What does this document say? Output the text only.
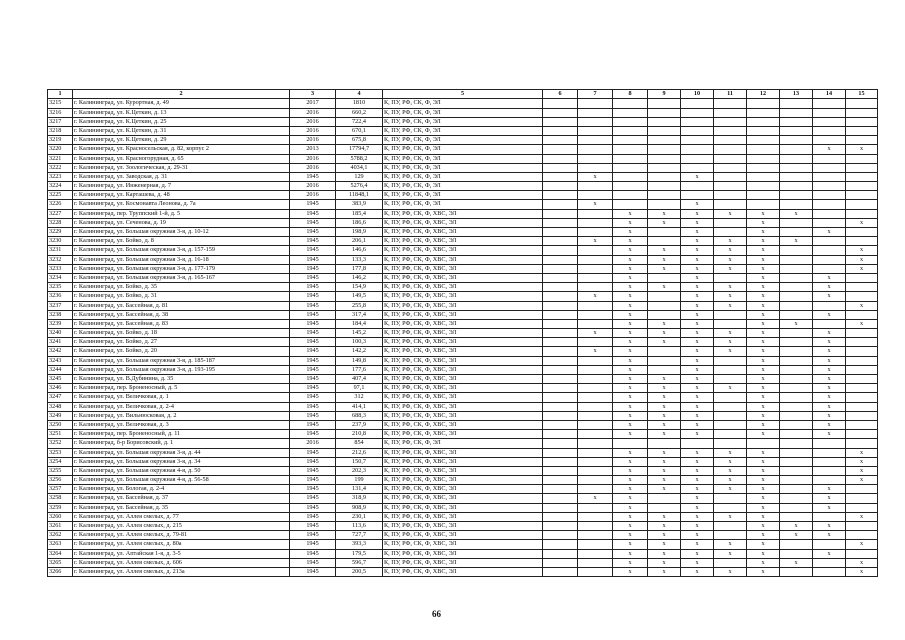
1	2	3	4	5	6	7	8	9	10	11	12	13	14	15
3215	г. Калининград, ул. Курортная, д. 49	2017	1810	К, ПУ, РФ, СК, Ф, ЭЛ										
3216	г. Калининград, ул. К.Цеткин, д. 13	2016	660,2	К, ПУ, РФ, СК, Ф, ЭЛ										
3217	г. Калининград, ул. К.Цеткин, д. 25	2016	722,4	К, ПУ, РФ, СК, Ф, ЭЛ										
3218	г. Калининград, ул. К.Цеткин, д. 31	2016	670,1	К, ПУ, РФ, СК, Ф, ЭЛ										
3219	г. Калининград, ул. К.Цеткин, д. 29	2016	675,8	К, ПУ, РФ, СК, Ф, ЭЛ										
3220	г. Калининград, ул. Красносельская, д. 82, корпус 2	2013	17794,7	К, ПУ, РФ, СК, Ф, ЭЛ									x	x
3221	г. Калининград, ул. Красногорудная, д. 65	2016	5788,2	К, ПУ, РФ, СК, Ф, ЭЛ										
3222	г. Калининград, ул. Зоологическая, д. 29-31	2016	4034,1	К, ПУ, РФ, СК, Ф, ЭЛ										
3223	г. Калининград, ул. Заводская, д. 31	1945	129	К, ПУ, РФ, СК, Ф, ЭЛ		x			x					
3224	г. Калининград, ул. Инженерная, д. 7	2016	5276,4	К, ПУ, РФ, СК, Ф, ЭЛ										
3225	г. Калининград, ул. Карташева, д. 48	2016	11848,1	К, ПУ, РФ, СК, Ф, ЭЛ										
3226	г. Калининград, ул. Космонавта Леонова, д. 7а	1945	383,9	К, ПУ, РФ, СК, Ф, ЭЛ		x			x					
3227	г. Калининград, пер. Труппский 1-й, д. 5	1945	185,4	К, ПУ, РФ, СК, Ф, ХВС, ЭЛ			x	x	x	x	x	x		
3228	г. Калининград, ул. Сеченова, д. 19	1945	186,6	К, ПУ, РФ, СК, Ф, ХВС, ЭЛ			x	x	x		x			x
3229	г. Калининград, ул. Большая окружная 3-я, д. 10-12	1945	198,9	К, ПУ, РФ, СК, Ф, ХВС, ЭЛ			x		x		x		x	
3230	г. Калининград, ул. Бойко, д. 8	1945	206,1	К, ПУ, РФ, СК, Ф, ХВС, ЭЛ		x	x		x	x	x	x		
3231	г. Калининград, ул. Большая окружная 3-я, д. 157-159	1945	146,6	К, ПУ, РФ, СК, Ф, ХВС, ЭЛ			x	x	x	x	x			x
3232	г. Калининград, ул. Большая окружная 3-я, д. 16-18	1945	133,3	К, ПУ, РФ, СК, Ф, ХВС, ЭЛ			x	x	x	x	x			x
3233	г. Калининград, ул. Большая окружная 3-я, д. 177-179	1945	177,8	К, ПУ, РФ, СК, Ф, ХВС, ЭЛ			x	x	x	x	x			x
3234	г. Калининград, ул. Большая окружная 3-я, д. 165-167	1945	146,2	К, ПУ, РФ, СК, Ф, ХВС, ЭЛ			x		x		x		x	
3235	г. Калининград, ул. Бойко, д. 35	1945	154,9	К, ПУ, РФ, СК, Ф, ХВС, ЭЛ			x	x	x	x	x		x	
3236	г. Калининград, ул. Бойко, д. 31	1945	149,5	К, ПУ, РФ, СК, Ф, ХВС, ЭЛ		x	x		x	x	x		x	
3237	г. Калининград, ул. Бассейная, д. 81	1945	255,8	К, ПУ, РФ, СК, Ф, ХВС, ЭЛ			x		x	x	x			x
3238	г. Калининград, ул. Бассейная, д. 38	1945	317,4	К, ПУ, РФ, СК, Ф, ХВС, ЭЛ			x		x		x		x	
3239	г. Калининград, ул. Бассейная, д. 83	1945	184,4	К, ПУ, РФ, СК, Ф, ХВС, ЭЛ			x	x	x		x	x		x
3240	г. Калининград, ул. Бойко, д. 18	1945	145,2	К, ПУ, РФ, СК, Ф, ХВС, ЭЛ		x	x	x	x	x	x		x	
3241	г. Калининград, ул. Бойко, д. 27	1945	100,3	К, ПУ, РФ, СК, Ф, ХВС, ЭЛ			x	x	x	x	x		x	
3242	г. Калининград, ул. Бойко, д. 20	1945	142,2	К, ПУ, РФ, СК, Ф, ХВС, ЭЛ		x	x		x	x	x		x	
3243	г. Калининград, ул. Большая окружная 3-я, д. 185-187	1945	149,8	К, ПУ, РФ, СК, Ф, ХВС, ЭЛ			x		x		x		x	
3244	г. Калининград, ул. Большая окружная 3-я, д. 193-195	1945	177,6	К, ПУ, РФ, СК, Ф, ХВС, ЭЛ			x		x		x		x	
3245	г. Калининград, ул. В.Дубинина, д. 35	1945	407,4	К, ПУ, РФ, СК, Ф, ХВС, ЭЛ			x	x	x		x		x	
3246	г. Калининград, пер. Броненосный, д. 5	1945	97,1	К, ПУ, РФ, СК, Ф, ХВС, ЭЛ			x	x	x	x	x		x	
3247	г. Калининград, ул. Величковая, д. 1	1945	312	К, ПУ, РФ, СК, Ф, ХВС, ЭЛ			x	x	x		x		x	
3248	г. Калининград, ул. Величковая, д. 2-4	1945	414,1	К, ПУ, РФ, СК, Ф, ХВС, ЭЛ			x	x	x		x		x	
3249	г. Калининград, ул. Вильнюсковая, д. 2	1945	688,3	К, ПУ, РФ, СК, Ф, ХВС, ЭЛ			x	x	x		x		x	
3250	г. Калининград, ул. Величковая, д. 3	1945	237,9	К, ПУ, РФ, СК, Ф, ХВС, ЭЛ			x	x	x		x		x	
3251	г. Калининград, пер. Броненосный, д. 11	1945	210,8	К, ПУ, РФ, СК, Ф, ХВС, ЭЛ			x	x	x		x		x	
3252	г. Калининград, б-р Борисовский, д. 1	2016	854	К, ПУ, РФ, СК, Ф, ЭЛ										
3253	г. Калининград, ул. Большая окружная 3-я, д. 44	1945	212,6	К, ПУ, РФ, СК, Ф, ХВС, ЭЛ			x	x	x	x	x			x
3254	г. Калининград, ул. Большая окружная 3-я, д. 34	1945	150,7	К, ПУ, РФ, СК, Ф, ХВС, ЭЛ			x	x	x	x	x			x
3255	г. Калининград, ул. Большая окружная 4-я, д. 50	1945	202,3	К, ПУ, РФ, СК, Ф, ХВС, ЭЛ			x	x	x	x	x			x
3256	г. Калининград, ул. Большая окружная 4-я, д. 56-58	1945	199	К, ПУ, РФ, СК, Ф, ХВС, ЭЛ			x	x	x	x	x			x
3257	г. Калининград, ул. Бологая, д. 2-4	1945	131,4	К, ПУ, РФ, СК, Ф, ХВС, ЭЛ			x	x	x	x	x		x	
3258	г. Калининград, ул. Бассейная, д. 37	1945	318,9	К, ПУ, РФ, СК, Ф, ХВС, ЭЛ		x	x		x		x		x	
3259	г. Калининград, ул. Бассейная, д. 35	1945	908,9	К, ПУ, РФ, СК, Ф, ХВС, ЭЛ			x		x		x		x	
3260	г. Калининград, ул. Аллея смелых, д. 77	1945	230,1	К, ПУ, РФ, СК, Ф, ХВС, ЭЛ			x	x	x	x	x			x
3261	г. Калининград, ул. Аллея смелых, д. 215	1945	113,6	К, ПУ, РФ, СК, Ф, ХВС, ЭЛ			x	x	x		x	x	x	
3262	г. Калининград, ул. Аллея смелых, д. 79-81	1945	727,7	К, ПУ, РФ, СК, Ф, ХВС, ЭЛ			x	x	x		x	x	x	
3263	г. Калининград, ул. Аллея смелых, д. 80а	1945	393,3	К, ПУ, РФ, СК, Ф, ХВС, ЭЛ			x	x	x	x	x			x
3264	г. Калининград, ул. Аптайская 1-я, д. 3-5	1945	179,5	К, ПУ, РФ, СК, Ф, ХВС, ЭЛ			x	x	x	x	x		x	
3265	г. Калининград, ул. Аллея смелых, д. 606	1945	596,7	К, ПУ, РФ, СК, Ф, ХВС, ЭЛ			x	x	x		x	x		x
3266	г. Калининград, ул. Аллея смелых, д. 213а	1945	200,5	К, ПУ, РФ, СК, Ф, ХВС, ЭЛ			x	x	x	x	x			x
66
